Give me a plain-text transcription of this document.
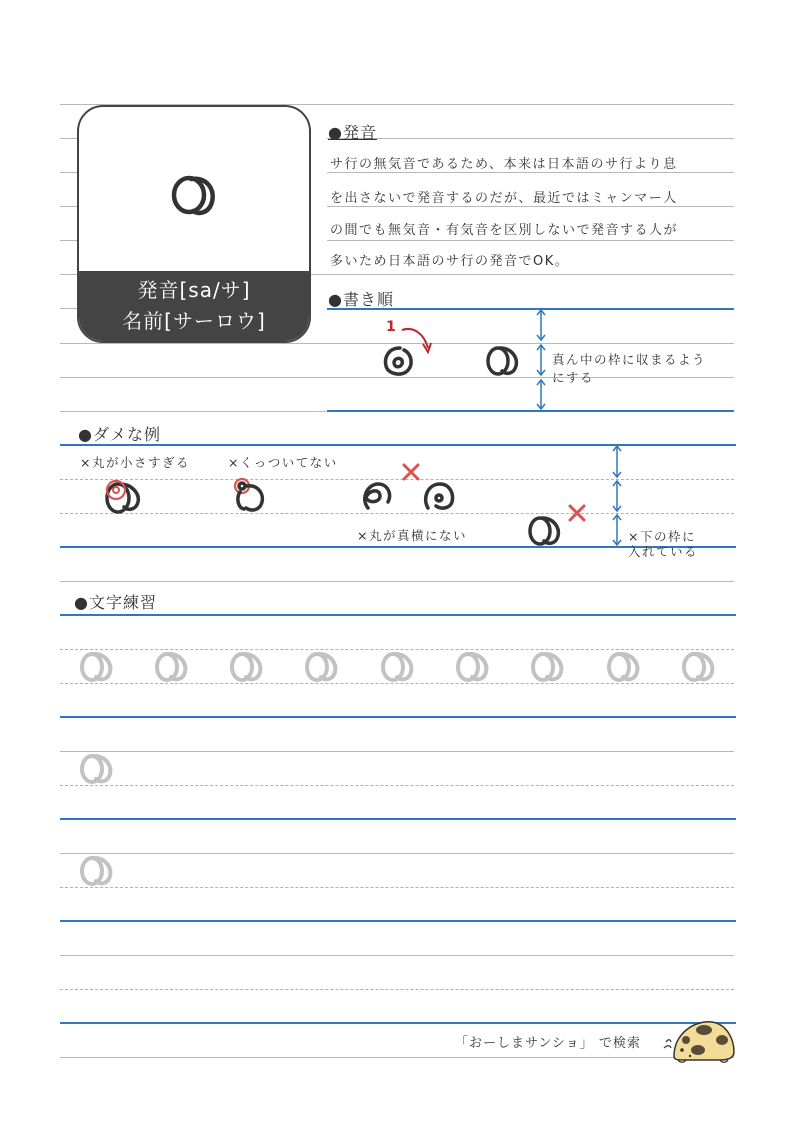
発音[sa/サ]
名前[サーロウ]
●発音
サ行の無気音であるため、本来は日本語のサ行より息
を出さないで発音するのだが、最近ではミャンマー人
の間でも無気音・有気音を区別しないで発音する人が
多いため日本語のサ行の発音でOK。
●書き順
1
真ん中の枠に収まるよう
にする
●ダメな例
×丸が小さすぎる	×くっついてない
×丸が真横にない	×下の枠に
入れている
●文字練習
「おーしまサンショ」 で検索
